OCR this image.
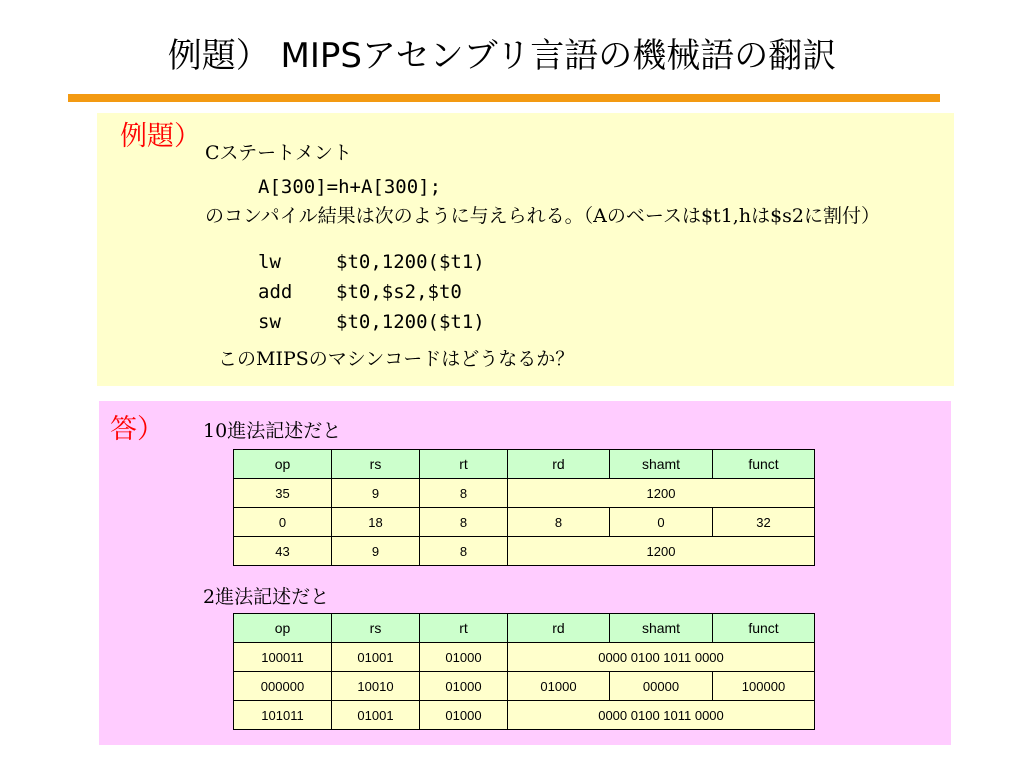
例題） MIPSアセンブリ言語の機械語の翻訳
例題）
Cステートメント
A[300]=h+A[300];
のコンパイル結果は次のように与えられる。（Aのベースは$t1,hは$s2に割付）
lw	$t0,1200($t1)
add	$t0,$s2,$t0
sw	$t0,1200($t1)
このMIPSのマシンコードはどうなるか？
答） 10進法記述だと
op	rs	rt	rd	shamt	funct
35	9	8	1200		
0	18	8	8	0	32
43	9	8	1200		
2進法記述だと
op	rs	rt	rd	shamt	funct
100011	01001	01000	0000 0100 1011 0000		
000000	10010	01000	01000	00000	100000
101011	01001	01000	0000 0100 1011 0000		
